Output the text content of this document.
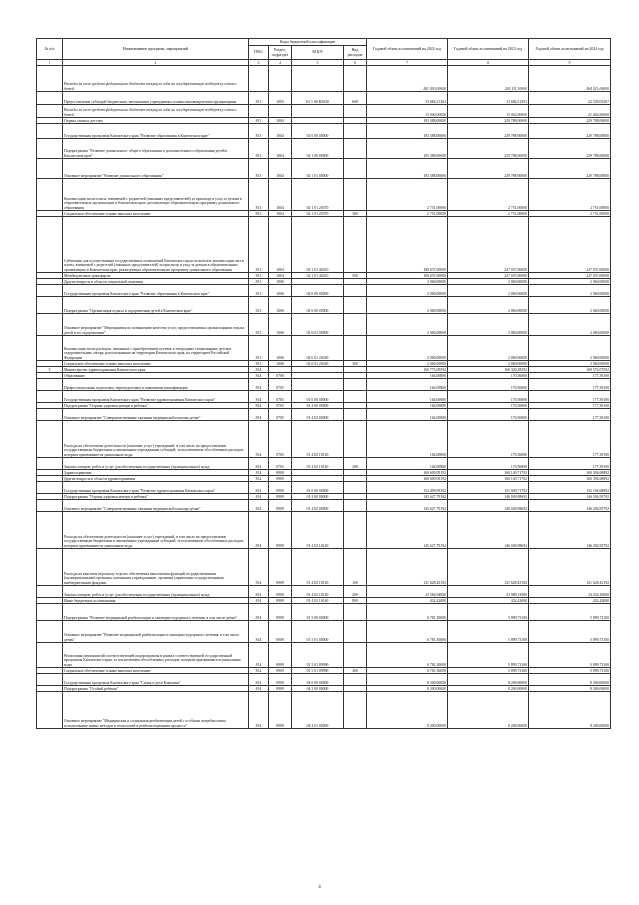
№ п/п	Наименование программ, мероприятий	Коды бюджетной классификации				Годовой объем ассигнований на 2022 год	Годовой объем ассигнований на 2023 год	Годовой объем ассигнований на 2024 год
		ГРБС	Раздел, подраздел	КЦСР	Вид расходов			
1	2	3	4	5	6	7	8	9
	Расходы за счет средств федерального бюджета текущего года на государственную поддержку семьи и детей					281 493,00000	265 111,10000	264 521,00000
	Предоставление субсидий бюджетным, автономным учреждениям и иным некоммерческим организациям	813	1003	02 1 06 R3040	600	13 684,21262	13 686,31581	22 529,05267
	Расходы за счет средств федерального бюджета текущего года на государственную поддержку семьи и детей					13 000,00000	13 002,00000	21 402,60000
	Охрана семьи и детства	813	1004			183 388,00000	229 788,00000	229 788,00000
	Государственная программа Камчатского края "Развитие образования в Камчатском крае"	813	1004	02 0 00 00000		183 388,00000	229 788,00000	229 788,00000
	Подпрограмма "Развитие дошкольного, общего образования и дополнительного образования детей в Камчатском крае"	813	1004	02 1 00 00000		183 388,00000	229 788,00000	229 788,00000
	Основное мероприятие "Развитие дошкольного образования"	813	1004	02 1 01 00000		183 388,00000	229 788,00000	229 788,00000
	Компенсация части платы, взимаемой с родителей (законных представителей) за присмотр и уход за детьми в образовательных организациях в Камчатском крае, реализующих образовательную программу дошкольного образования	813	1004	02 1 01 20370		2 751,00000	2 751,00000	2 751,00000
	Социальное обеспечение и иные выплаты населению	813	1004	02 1 01 20370	300	2 751,00000	2 751,00000	2 751,00000
	Субвенции для осуществления государственных полномочий Камчатского края по выплате компенсации части платы, взимаемой с родителей (законных представителей) за присмотр и уход за детьми в образовательных организациях в Камчатском крае, реализующих образовательную программу дошкольного образования	813	1004	02 1 01 40210		180 637,00000	227 037,00000	227 037,00000
	Межбюджетные трансферты	813	1004	02 1 01 40210	500	180 637,00000	227 037,00000	227 037,00000
	Другие вопросы в области социальной политики	813	1006			2 060,00000	2 060,00000	2 060,00000
	Государственная программа Камчатского края "Развитие образования в Камчатском крае"	813	1006	02 0 00 00000		2 060,00000	2 060,00000	2 060,00000
	Подпрограмма "Организация отдыха и оздоровления детей в Камчатском крае"	813	1006	02 6 00 00000		2 060,00000	2 060,00000	2 060,00000
	Основное мероприятие "Мероприятия по повышению качества услуг, предоставляемых организациями отдыха детей и их оздоровления"	813	1006	02 6 01 00000		2 060,00000	2 060,00000	2 060,00000
	Компенсация части расходов, связанных с приобретением путевок в загородные стационарные детские оздоровительные лагеря, расположенные на территории Камчатского края, на территории Российской Федерации	813	1006	02 6 01 20240		2 060,00000	2 060,00000	2 060,00000
	Социальное обеспечение и иные выплаты населению	813	1006	02 6 01 20240	300	2 060,00000	2 060,00000	2 060,00000
3	Министерство здравоохранения Камчатского края	814				160 773,09592	160 320,28592	160 572,07592
	Образование	814	0700			164,00800	170,56800	177,39100
	Профессиональная подготовка, переподготовка и повышение квалификации	814	0705			164,00800	170,56800	177,39100
	Государственная программа Камчатского края "Развитие здравоохранения Камчатского края"	814	0705	01 0 00 00000		164,00800	170,56800	177,39100
	Подпрограмма "Охрана здоровья матери и ребенка"	814	0705	01 4 00 00000		164,00800	170,56800	177,39100
	Основное мероприятие "Совершенствование оказания медицинской помощи детям"	814	0705	01 4 02 00000		164,00800	170,56800	177,39100
	Расходы на обеспечение деятельности (оказание услуг) учреждений, в том числе на предоставление государственным бюджетным и автономным учреждениям субсидий, за исключением обособленных расходов, которым присваиваются уникальные коды	814	0705	01 4 02 10140		164,00800	170,56800	177,39100
	Закупка товаров, работ и услуг для обеспечения государственных (муниципальных) нужд	814	0705	01 4 02 10140	200	164,00800	170,56800	177,39100
	Здравоохранение	814	0900			160 609,09192	160 149,71792	160 394,68892
	Другие вопросы в области здравоохранения	814	0909			160 609,09192	160 149,71792	160 394,68892
	Государственная программа Камчатского края "Развитие здравоохранения Камчатского края"	814	0909	01 0 00 00000		152 409,09192	151 949,71792	152 194,68892
	Подпрограмма "Охрана здоровья матери и ребенка"	814	0909	01 4 00 00000		145 627,79192	146 049,98692	146 294,95792
	Основное мероприятие "Совершенствование оказания медицинской помощи детям"	814	0909	01 4 02 00000		145 627,79192	146 049,98692	146 294,95792
	Расходы на обеспечение деятельности (оказание услуг) учреждений, в том числе на предоставление государственным бюджетным и автономным учреждениям субсидий, за исключением обособленных расходов, которым присваиваются уникальные коды	814	0909	01 4 02 10140		145 627,79192	146 049,98692	146 294,95792
	Расходы на выплаты персоналу в целях обеспечения выполнения функций государственными (муниципальными) органами, казенными учреждениями, органами управления государственными внебюджетными фондами	814	0909	01 4 02 10140	100	121 628,43192	121 628,43192	121 628,43192
	Закупка товаров, работ и услуг для обеспечения государственных (муниципальных) нужд	814	0909	01 4 02 10140	200	23 566,94000	23 989,13500	24 234,10600
	Иные бюджетные ассигнования	814	0909	01 4 02 10140	800	432,42000	432,42000	432,42000
	Подпрограмма "Развитие медицинской реабилитации и санаторно-курортного лечения, в том числе детям"	814	0909	01 5 00 00000		6 781,30000	5 899,73100	5 899,73100
	Основное мероприятие "Развитие медицинской реабилитации и санаторно-курортного лечения, в том числе детям"	814	0909	01 5 01 00000		6 781,30000	5 899,73100	5 899,73100
	Реализация мероприятий соответствующей подпрограммы в рамках соответствующей государственной программы Камчатского края, за исключением обособленных расходов, которым присваиваются уникальные коды	814	0909	01 5 01 09990		6 781,30000	5 899,73100	5 899,73100
	Социальное обеспечение и иные выплаты населению	814	0909	01 5 01 09990	300	6 781,30000	5 899,73100	5 899,73100
	Государственная программа Камчатского края "Семья и дети Камчатки"	814	0909	04 0 00 00000		8 200,00000	8 200,00000	8 200,00000
	Подпрограмма "Особый ребенок"	814	0909	04 2 00 00000		8 200,00000	8 200,00000	8 200,00000
	Основное мероприятие "Медицинская и социальная реабилитация детей с особыми потребностями, использование новых методов и технологий в реабилитационном процессе"	814	0909	04 2 01 00000		8 200,00000	8 200,00000	8 200,00000
4
